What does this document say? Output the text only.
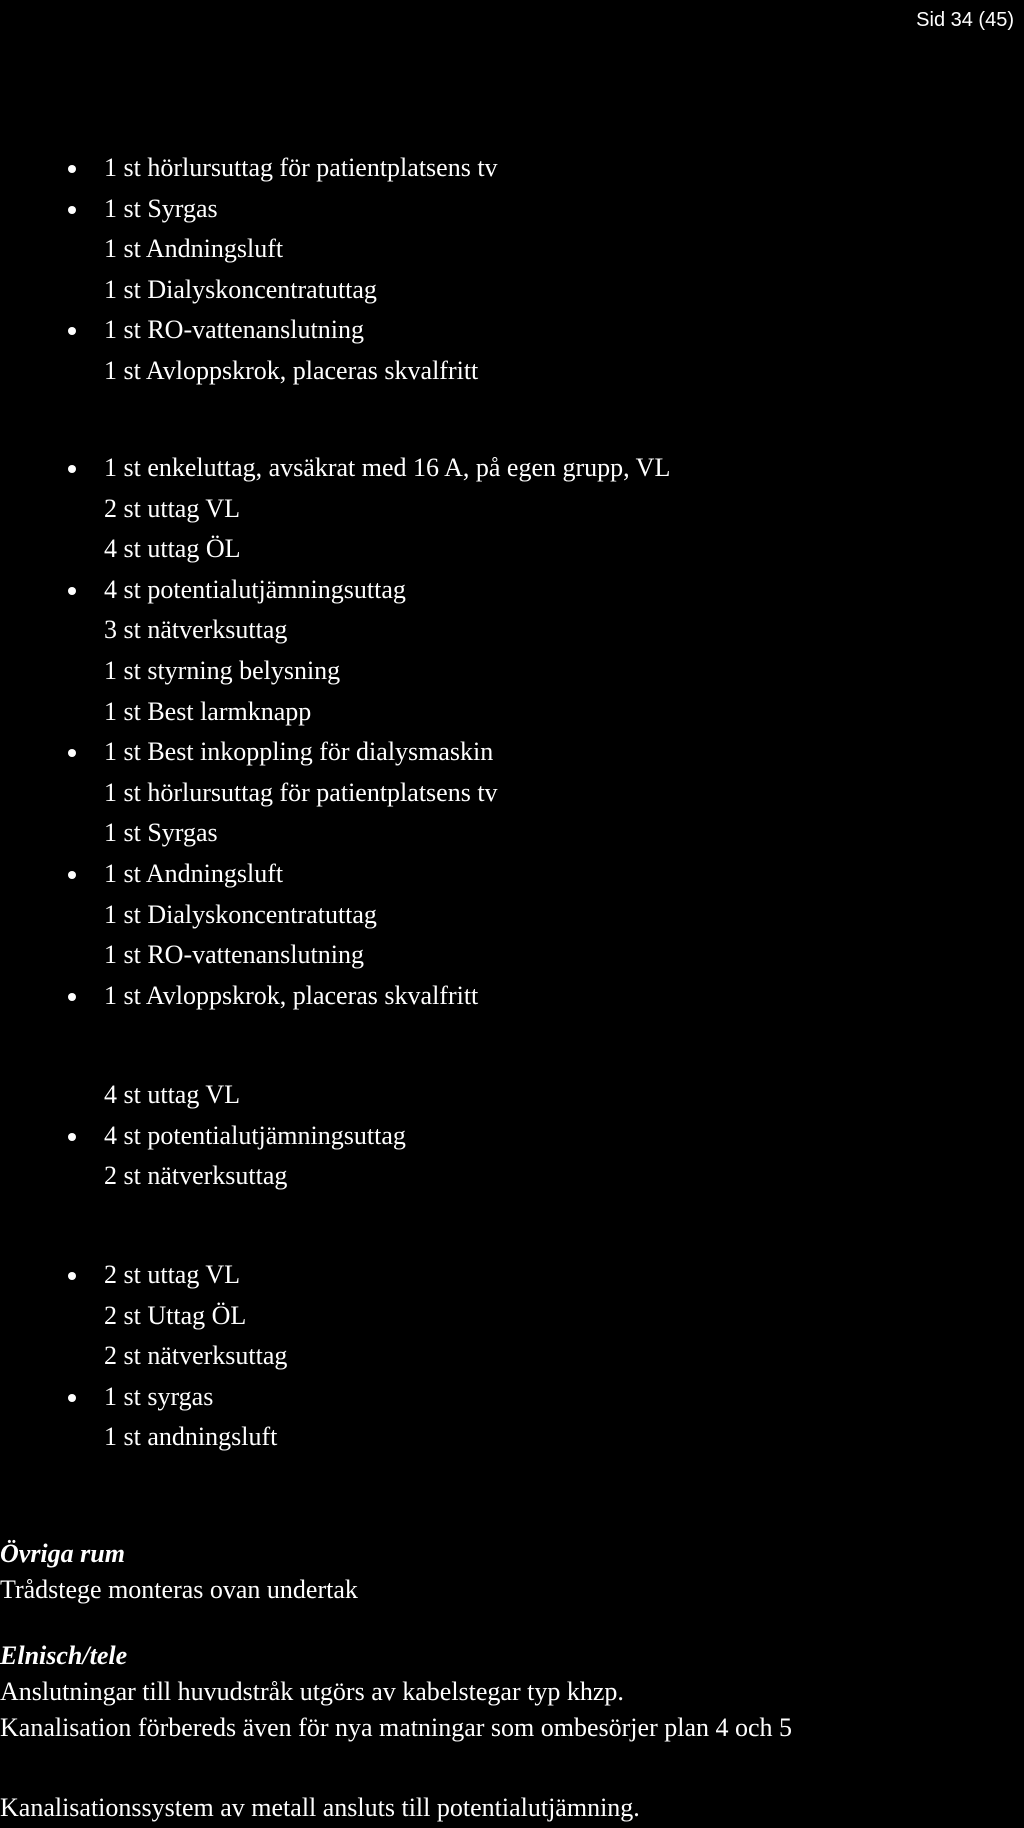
Sid 34 (45)
1 st hörlursuttag för patientplatsens tv
1 st Syrgas
1 st Andningsluft
1 st Dialyskoncentratuttag
1 st RO-vattenanslutning
1 st Avloppskrok, placeras skvalfritt
1 st enkeluttag, avsäkrat med 16 A, på egen grupp, VL
2 st uttag VL
4 st uttag ÖL
4 st potentialutjämningsuttag
3 st nätverksuttag
1 st styrning belysning
1 st Best larmknapp
1 st Best inkoppling för dialysmaskin
1 st hörlursuttag för patientplatsens tv
1 st Syrgas
1 st Andningsluft
1 st Dialyskoncentratuttag
1 st RO-vattenanslutning
1 st Avloppskrok, placeras skvalfritt
4 st uttag VL
4 st potentialutjämningsuttag
2 st nätverksuttag
2 st uttag VL
2 st Uttag ÖL
2 st nätverksuttag
1 st syrgas
1 st andningsluft
Övriga rum
Trådstege monteras ovan undertak
Elnisch/tele
Anslutningar till huvudstråk utgörs av kabelstegar typ khzp.
Kanalisation förbereds även för nya matningar som ombesörjer plan 4 och 5
Kanalisationssystem av metall ansluts till potentialutjämning.
